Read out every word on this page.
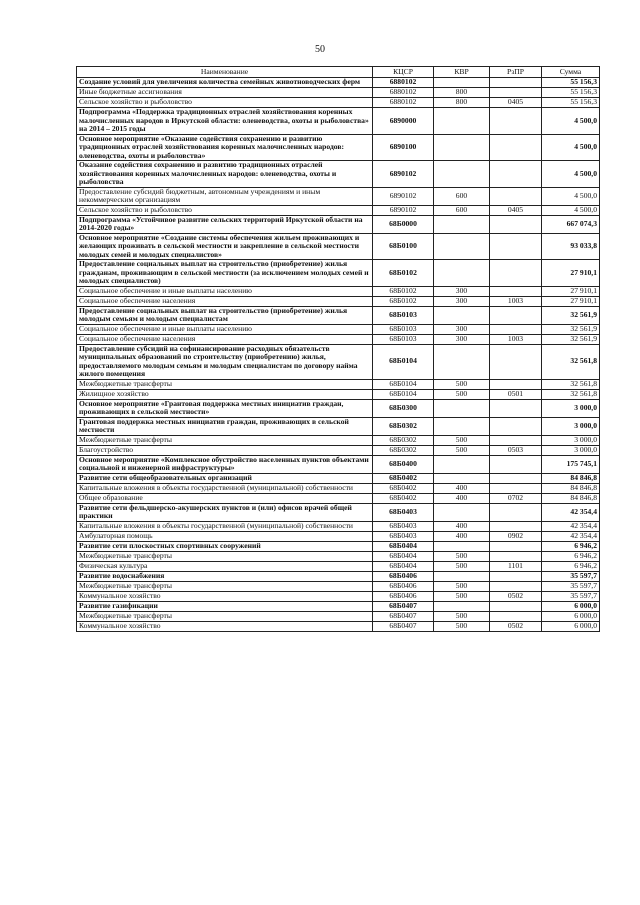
50
Наименование	КЦСР	КВР	РзПР	Сумма
Создание условий для увеличения количества семейных животноводческих ферм	6880102			55 156,3
Иные бюджетные ассигнования	6880102	800		55 156,3
Сельское хозяйство и рыболовство	6880102	800	0405	55 156,3
Подпрограмма «Поддержка традиционных отраслей хозяйствования коренных малочисленных народов в Иркутской области: оленеводства, охоты и рыболовства» на 2014 – 2015 годы	6890000			4 500,0
Основное мероприятие «Оказание содействия сохранению и развитию традиционных отраслей хозяйствования коренных малочисленных народов: оленеводства, охоты и рыболовства»	6890100			4 500,0
Оказание содействия сохранению и развитию традиционных отраслей хозяйствования коренных малочисленных народов: оленеводства, охоты и рыболовства	6890102			4 500,0
Предоставление субсидий бюджетным, автономным учреждениям и иным некоммерческим организациям	6890102	600		4 500,0
Сельское хозяйство и рыболовство	6890102	600	0405	4 500,0
Подпрограмма «Устойчивое развитие сельских территорий Иркутской области на 2014-2020 годы»	68Б0000			667 074,3
Основное мероприятие «Создание системы обеспечения жильем проживающих и желающих проживать в сельской местности и закрепление в сельской местности молодых семей и молодых специалистов»	68Б0100			93 033,8
Предоставление социальных выплат на строительство (приобретение) жилья гражданам, проживающим в сельской местности (за исключением молодых семей и молодых специалистов)	68Б0102			27 910,1
Социальное обеспечение и иные выплаты населению	68Б0102	300		27 910,1
Социальное обеспечение населения	68Б0102	300	1003	27 910,1
Предоставление социальных выплат на строительство (приобретение) жилья молодым семьям и молодым специалистам	68Б0103			32 561,9
Социальное обеспечение и иные выплаты населению	68Б0103	300		32 561,9
Социальное обеспечение населения	68Б0103	300	1003	32 561,9
Предоставление субсидий на софинансирование расходных обязательств муниципальных образований по строительству (приобретению) жилья, предоставляемого молодым семьям и молодым специалистам по договору найма жилого помещения	68Б0104			32 561,8
Межбюджетные трансферты	68Б0104	500		32 561,8
Жилищное хозяйство	68Б0104	500	0501	32 561,8
Основное мероприятие «Грантовая поддержка местных инициатив граждан, проживающих в сельской местности»	68Б0300			3 000,0
Грантовая поддержка местных инициатив граждан, проживающих в сельской местности	68Б0302			3 000,0
Межбюджетные трансферты	68Б0302	500		3 000,0
Благоустройство	68Б0302	500	0503	3 000,0
Основное мероприятие «Комплексное обустройство населенных пунктов объектами социальной и инженерной инфраструктуры»	68Б0400			175 745,1
Развитие сети общеобразовательных организаций	68Б0402			84 846,8
Капитальные вложения в объекты государственной (муниципальной) собственности	68Б0402	400		84 846,8
Общее образование	68Б0402	400	0702	84 846,8
Развитие сети фельдшерско-акушерских пунктов и (или) офисов врачей общей практики	68Б0403			42 354,4
Капитальные вложения в объекты государственной (муниципальной) собственности	68Б0403	400		42 354,4
Амбулаторная помощь	68Б0403	400	0902	42 354,4
Развитие сети плоскостных спортивных сооружений	68Б0404			6 946,2
Межбюджетные трансферты	68Б0404	500		6 946,2
Физическая культура	68Б0404	500	1101	6 946,2
Развитие водоснабжения	68Б0406			35 597,7
Межбюджетные трансферты	68Б0406	500		35 597,7
Коммунальное хозяйство	68Б0406	500	0502	35 597,7
Развитие газификации	68Б0407			6 000,0
Межбюджетные трансферты	68Б0407	500		6 000,0
Коммунальное хозяйство	68Б0407	500	0502	6 000,0
